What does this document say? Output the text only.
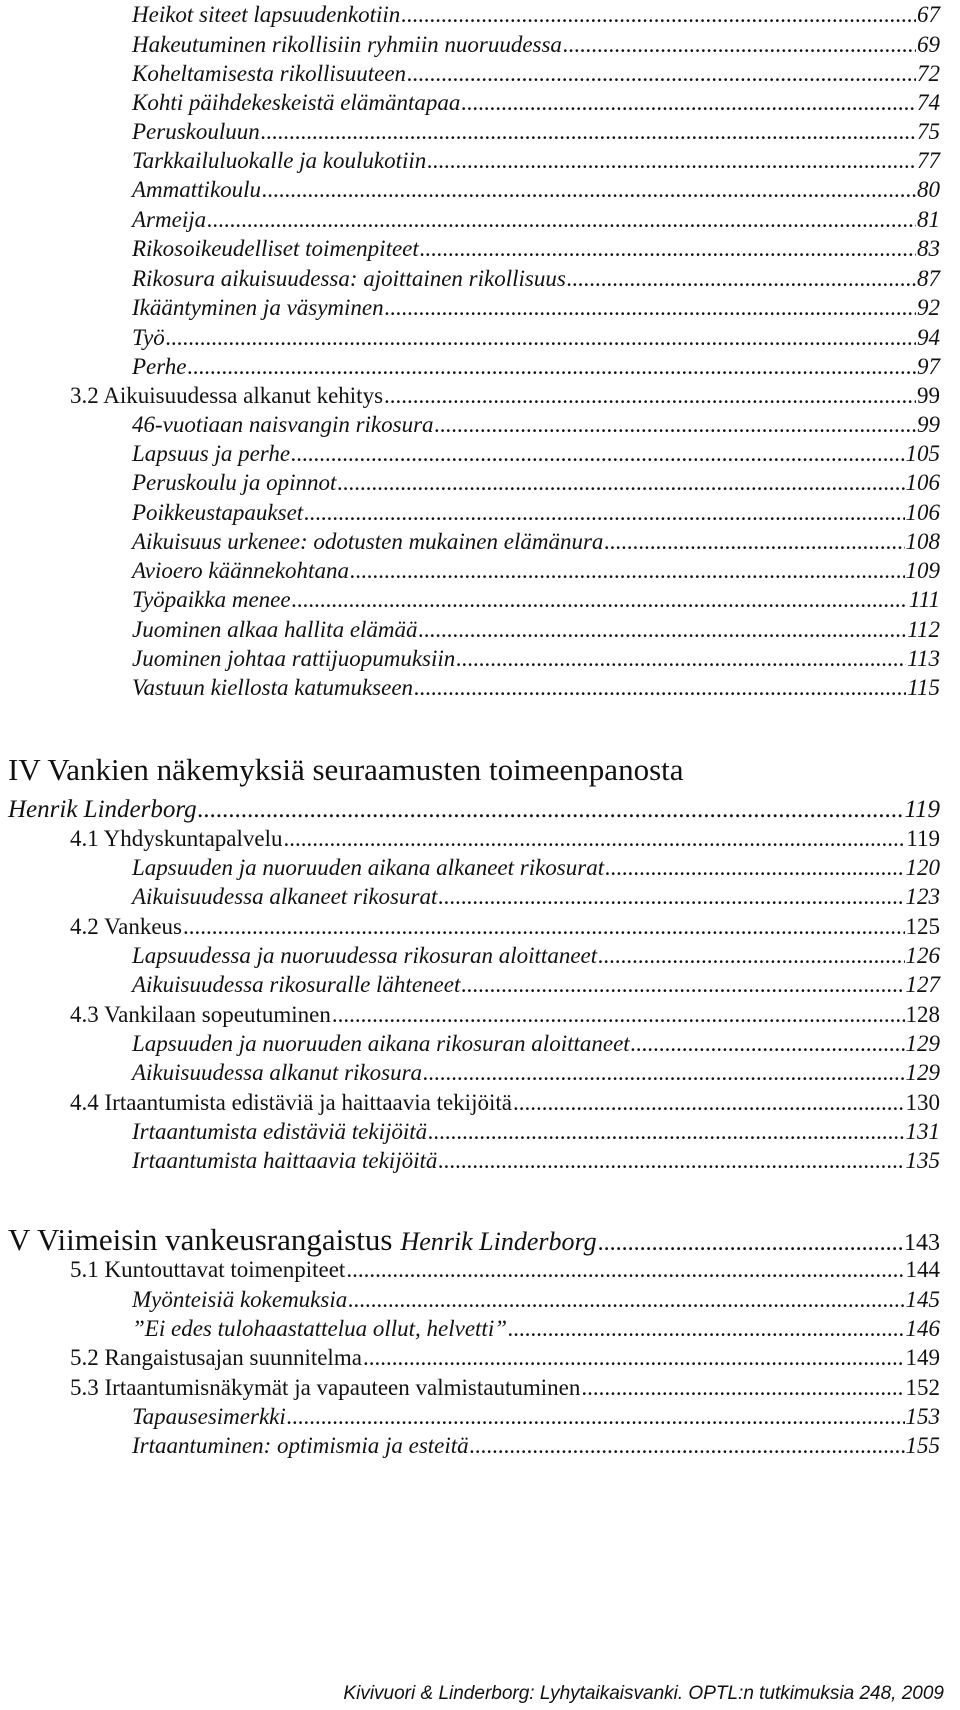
Heikot siteet lapsuudenkotiin .....	67
Hakeutuminen rikollisiin ryhmiin nuoruudessa .....	69
Koheltamisesta rikollisuuteen .....	72
Kohti päihdekeskeistä elämäntapaa .....	74
Peruskouluun .....	75
Tarkkailuluokalle ja koulukotiin .....	77
Ammattikoulu .....	80
Armeija .....	81
Rikosoikeudelliset toimenpiteet .....	83
Rikosura aikuisuudessa: ajoittainen rikollisuus .....	87
Ikääntyminen ja väsyminen .....	92
Työ .....	94
Perhe .....	97
3.2 Aikuisuudessa alkanut kehitys .....	99
46-vuotiaan naisvangin rikosura .....	99
Lapsuus ja perhe .....	105
Peruskoulu ja opinnot .....	106
Poikkeustapaukset .....	106
Aikuisuus urkenee: odotusten mukainen elämänura .....	108
Avioero käännekohtana .....	109
Työpaikka menee .....	111
Juominen alkaa hallita elämää .....	112
Juominen johtaa rattijuopumuksiin .....	113
Vastuun kiellosta katumukseen .....	115
IV Vankien näkemyksiä seuraamusten toimeenpanosta
Henrik Linderborg .....	119
4.1 Yhdyskuntapalvelu .....	119
Lapsuuden ja nuoruuden aikana alkaneet rikosurat .....	120
Aikuisuudessa alkaneet rikosurat .....	123
4.2 Vankeus .....	125
Lapsuudessa ja nuoruudessa rikosuran aloittaneet .....	126
Aikuisuudessa rikosuralle lähteneet .....	127
4.3 Vankilaan sopeutuminen .....	128
Lapsuuden ja nuoruuden aikana rikosuran aloittaneet .....	129
Aikuisuudessa alkanut rikosura .....	129
4.4 Irtaantumista edistäviä ja haittaavia tekijöitä .....	130
Irtaantumista edistäviä tekijöitä .....	131
Irtaantumista haittaavia tekijöitä .....	135
V Viimeisin vankeusrangaistus Henrik Linderborg .....	143
5.1 Kuntouttavat toimenpiteet .....	144
Myönteisiä kokemuksia .....	145
”Ei edes tulohaastattelua ollut, helvetti” .....	146
5.2 Rangaistusajan suunnitelma .....	149
5.3 Irtaantumisnäkymät ja vapauteen valmistautuminen .....	152
Tapausesimerkki .....	153
Irtaantuminen: optimismia ja esteitä .....	155
Kivivuori & Linderborg: Lyhytaikaisvanki. OPTL:n tutkimuksia 248, 2009
